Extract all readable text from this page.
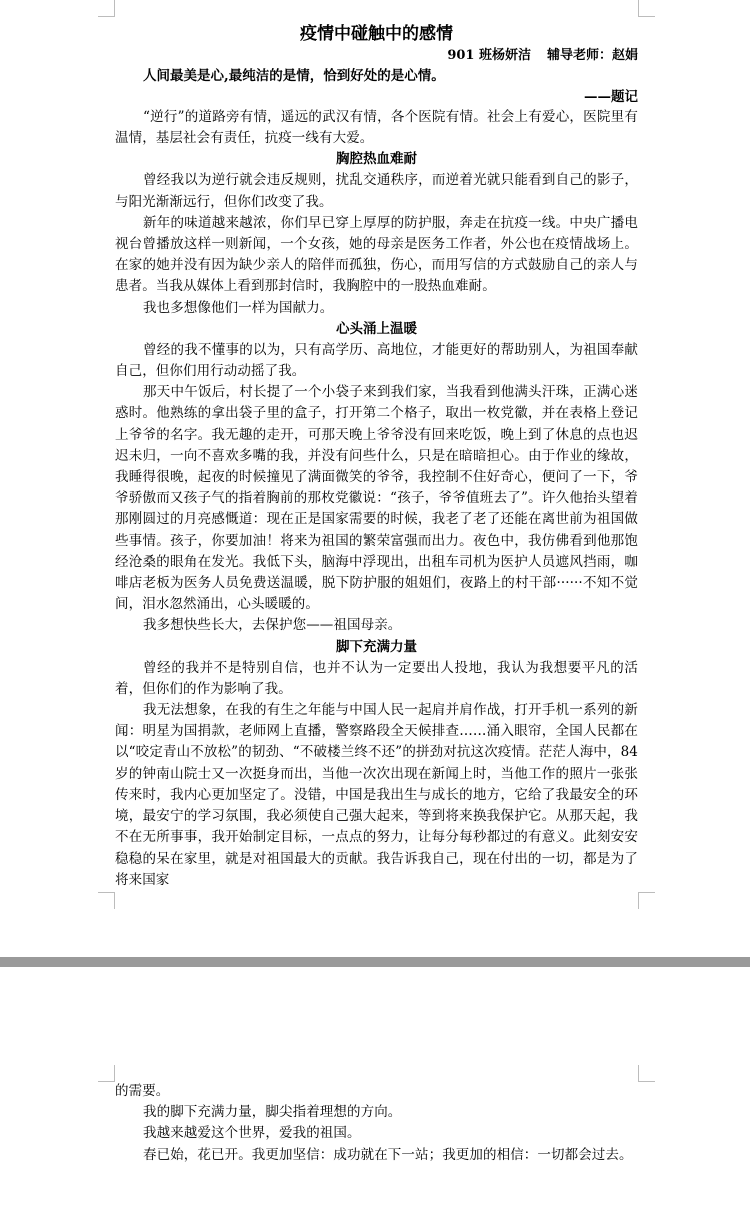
疫情中碰触中的感情
901 班杨妍洁 辅导老师：赵娟

人间最美是心,最纯洁的是情，恰到好处的是心情。

——题记

“逆行”的道路旁有情，遥远的武汉有情，各个医院有情。社会上有爱心，医院里有温情，基层社会有责任，抗疫一线有大爱。

胸腔热血难耐

曾经我以为逆行就会违反规则，扰乱交通秩序，而逆着光就只能看到自己的影子，与阳光渐渐远行，但你们改变了我。

新年的味道越来越浓，你们早已穿上厚厚的防护服，奔走在抗疫一线。中央广播电视台曾播放这样一则新闻，一个女孩，她的母亲是医务工作者，外公也在疫情战场上。在家的她并没有因为缺少亲人的陪伴而孤独，伤心，而用写信的方式鼓励自己的亲人与患者。当我从媒体上看到那封信时，我胸腔中的一股热血难耐。

我也多想像他们一样为国献力。

心头涌上温暖

曾经的我不懂事的以为，只有高学历、高地位，才能更好的帮助别人，为祖国奉献自己，但你们用行动动摇了我。

那天中午饭后，村长提了一个小袋子来到我们家，当我看到他满头汗珠，正满心迷惑时。他熟练的拿出袋子里的盒子，打开第二个格子，取出一枚党徽，并在表格上登记上爷爷的名字。我无趣的走开，可那天晚上爷爷没有回来吃饭，晚上到了休息的点也迟迟未归，一向不喜欢多嘴的我，并没有问些什么，只是在暗暗担心。由于作业的缘故，我睡得很晚，起夜的时候撞见了满面微笑的爷爷，我控制不住好奇心，便问了一下，爷爷骄傲而又孩子气的指着胸前的那枚党徽说：“孩子，爷爷值班去了”。许久他抬头望着那刚圆过的月亮感慨道：现在正是国家需要的时候，我老了老了还能在离世前为祖国做些事情。孩子，你要加油！将来为祖国的繁荣富强而出力。夜色中，我仿佛看到他那饱经沧桑的眼角在发光。我低下头，脑海中浮现出，出租车司机为医护人员遮风挡雨，咖啡店老板为医务人员免费送温暖，脱下防护服的姐姐们，夜路上的村干部······不知不觉间，泪水忽然涌出，心头暖暖的。

我多想快些长大，去保护您——祖国母亲。

脚下充满力量

曾经的我并不是特别自信，也并不认为一定要出人投地，我认为我想要平凡的活着，但你们的作为影响了我。

我无法想象，在我的有生之年能与中国人民一起肩并肩作战，打开手机一系列的新闻：明星为国捐款，老师网上直播，警察路段全天候排查……涌入眼帘，全国人民都在以“咬定青山不放松”的韧劲、“不破楼兰终不还”的拼劲对抗这次疫情。茫茫人海中，84 岁的钟南山院士又一次挺身而出，当他一次次出现在新闻上时，当他工作的照片一张张传来时，我内心更加坚定了。没错，中国是我出生与成长的地方，它给了我最安全的环境，最安宁的学习氛围，我必须使自己强大起来，等到将来换我保护它。从那天起，我不在无所事事，我开始制定目标，一点点的努力，让每分每秒都过的有意义。此刻安安稳稳的呆在家里，就是对祖国最大的贡献。我告诉我自己，现在付出的一切，都是为了将来国家

的需要。

我的脚下充满力量，脚尖指着理想的方向。

我越来越爱这个世界，爱我的祖国。

春已始，花已开。我更加坚信：成功就在下一站；我更加的相信：一切都会过去。
